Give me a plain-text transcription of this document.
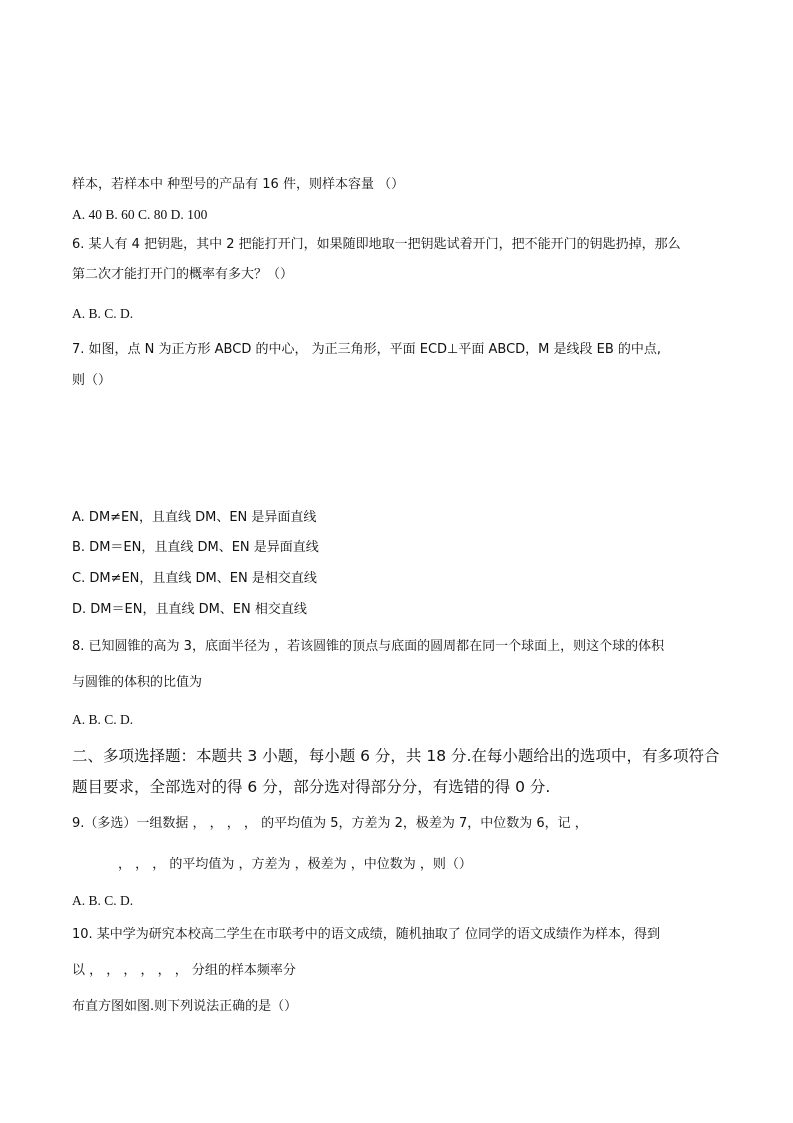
样本，若样本中 种型号的产品有 16 件，则样本容量 （）
A. 40 B. 60 C. 80 D. 100
6. 某人有 4 把钥匙，其中 2 把能打开门，如果随即地取一把钥匙试着开门，把不能开门的钥匙扔掉，那么
第二次才能打开门的概率有多大？（）
A. B. C. D.
7. 如图，点 N 为正方形 ABCD 的中心， 为正三角形，平面 ECD⊥平面 ABCD，M 是线段 EB 的中点,
则（）
A. DM≠EN，且直线 DM、EN 是异面直线
B. DM＝EN，且直线 DM、EN 是异面直线
C. DM≠EN，且直线 DM、EN 是相交直线
D. DM＝EN，且直线 DM、EN 相交直线
8. 已知圆锥的高为 3，底面半径为 ，若该圆锥的顶点与底面的圆周都在同一个球面上，则这个球的体积
与圆锥的体积的比值为
A. B. C. D.
二、多项选择题：本题共 3 小题，每小题 6 分，共 18 分.在每小题给出的选项中，有多项符合
题目要求，全部选对的得 6 分，部分选对得部分分，有选错的得 0 分.
9.（多选）一组数据 ， ， ， ， 的平均值为 5，方差为 2，极差为 7，中位数为 6，记 ，
， ， ， 的平均值为 ，方差为 ，极差为 ，中位数为 ，则（）
A. B. C. D.
10. 某中学为研究本校高二学生在市联考中的语文成绩，随机抽取了 位同学的语文成绩作为样本，得到
以 ， ， ， ， ， ， 分组的样本频率分
布直方图如图.则下列说法正确的是（）
